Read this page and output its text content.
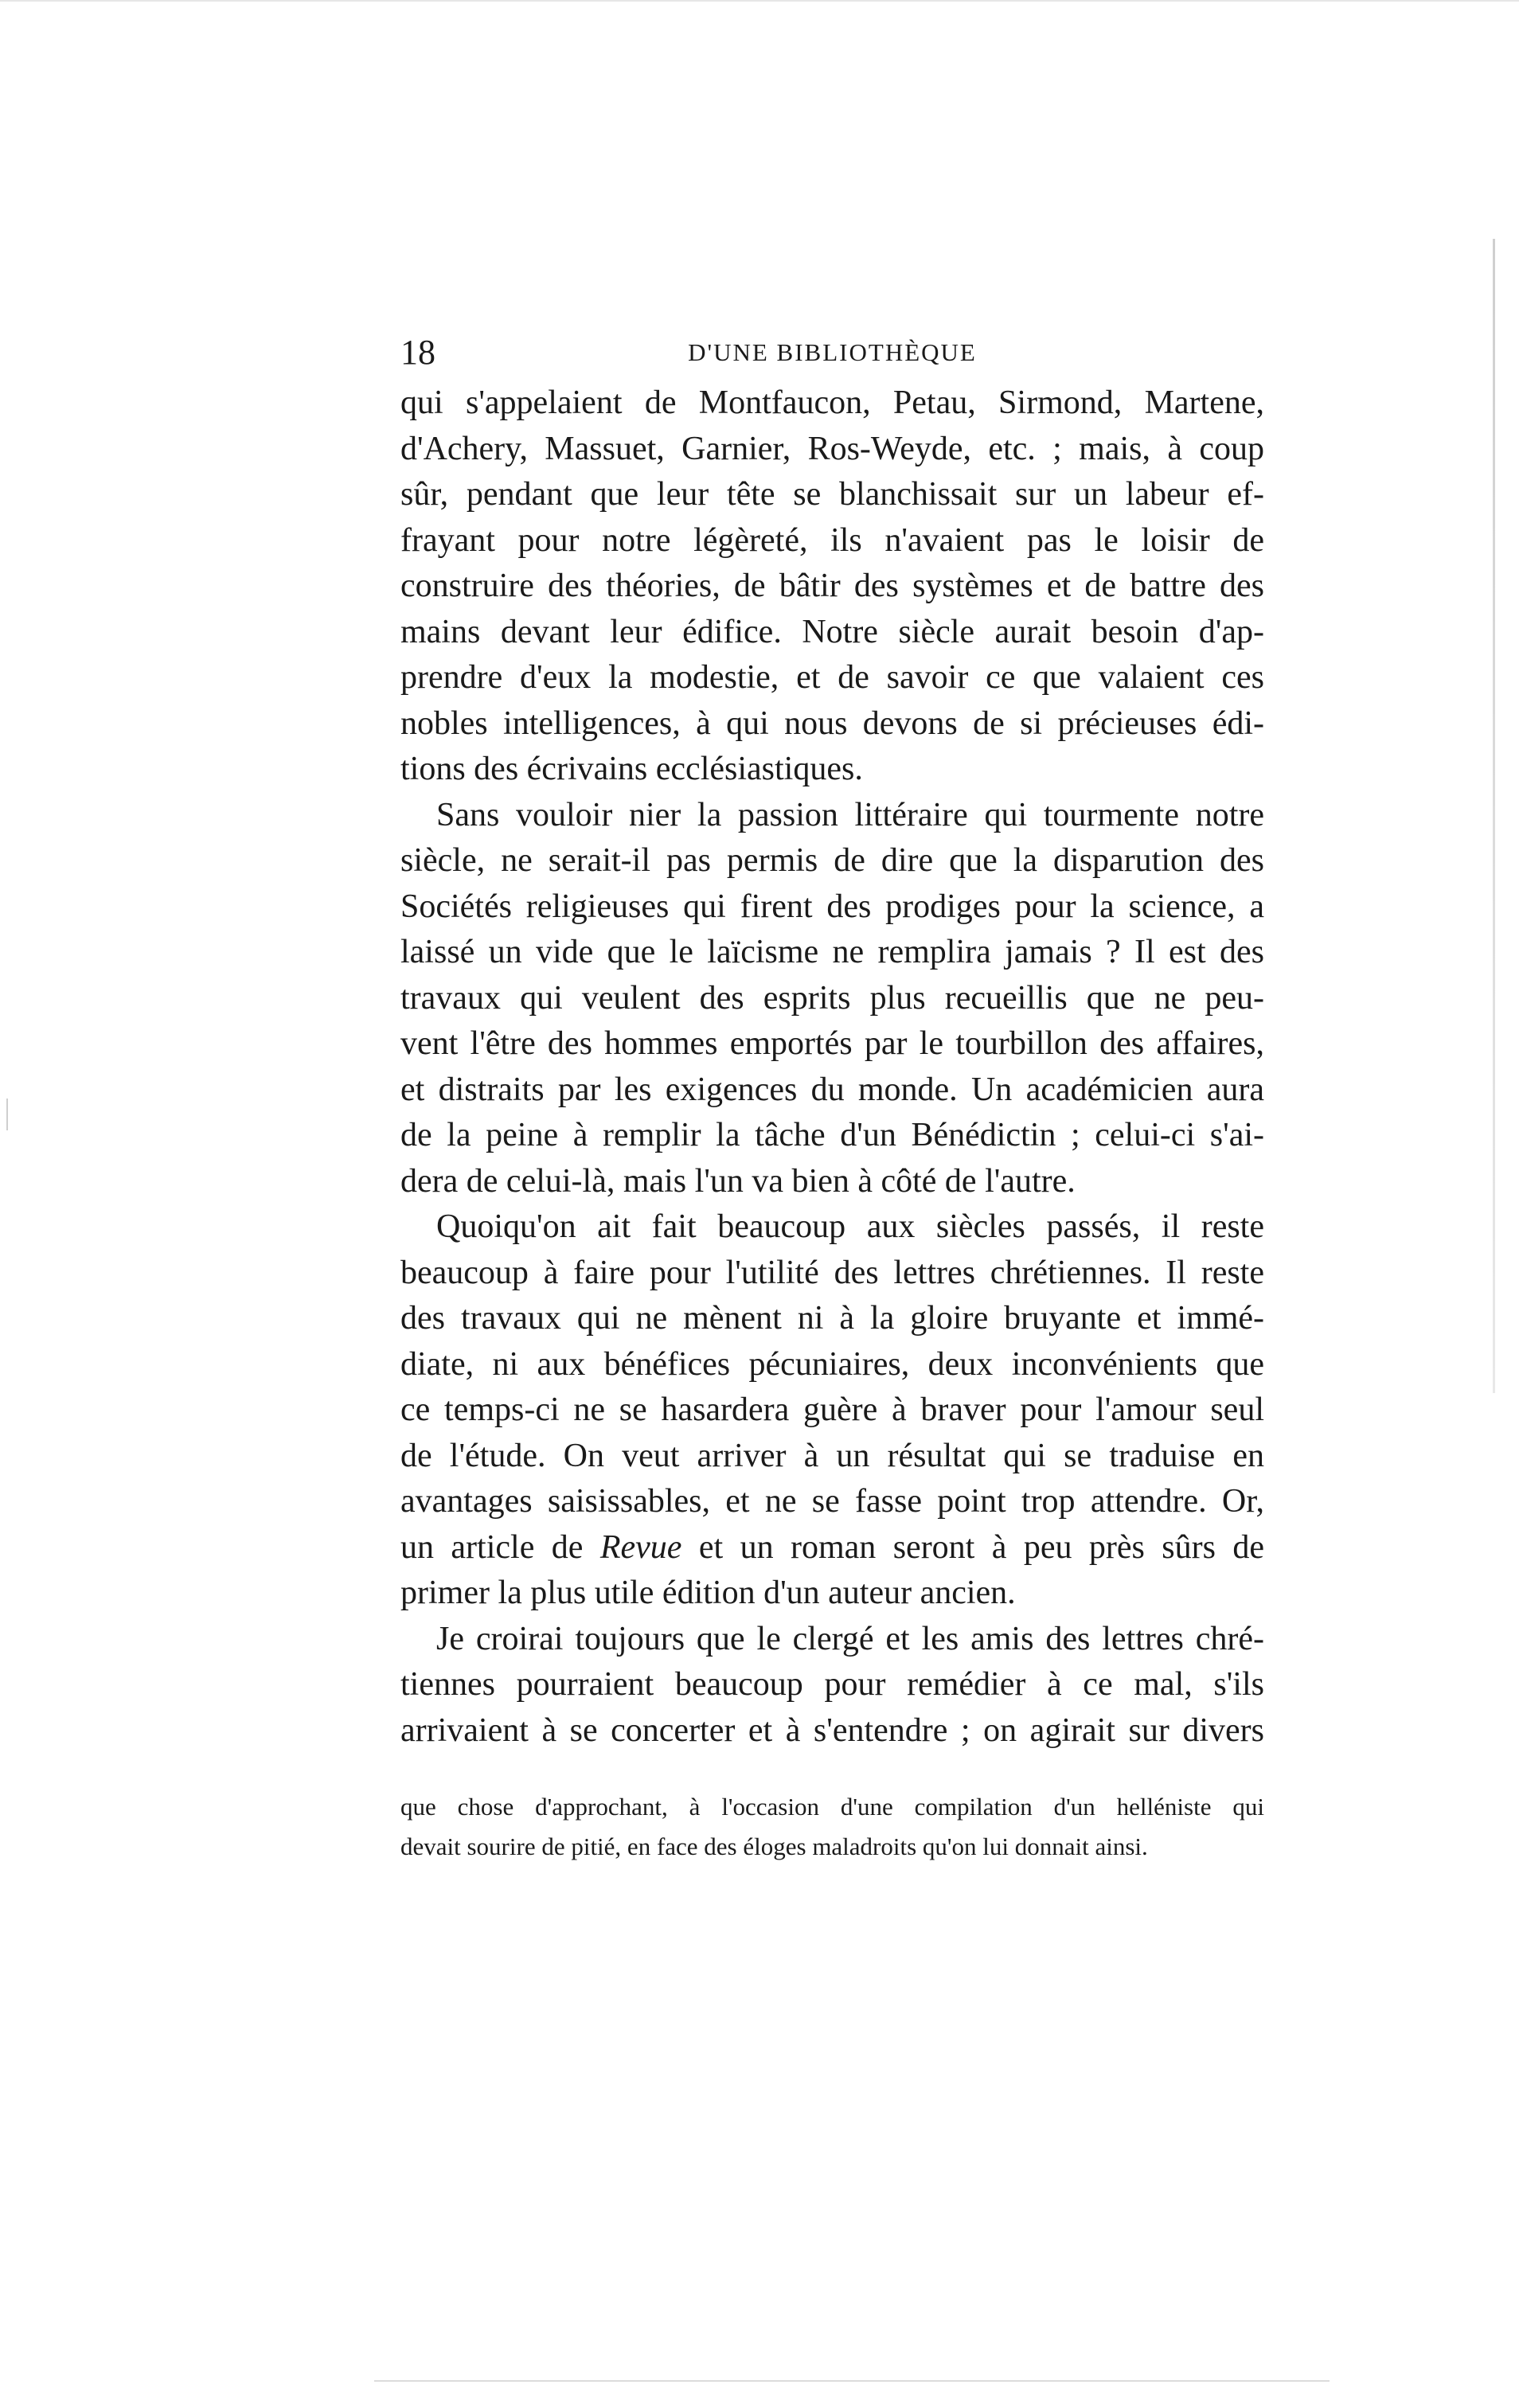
18	D'UNE BIBLIOTHÈQUE
qui s'appelaient de Montfaucon, Petau, Sirmond, Martene,
d'Achery, Massuet, Garnier, Ros-Weyde, etc. ; mais, à coup
sûr, pendant que leur tête se blanchissait sur un labeur ef-
frayant pour notre légèreté, ils n'avaient pas le loisir de
construire des théories, de bâtir des systèmes et de battre des
mains devant leur édifice. Notre siècle aurait besoin d'ap-
prendre d'eux la modestie, et de savoir ce que valaient ces
nobles intelligences, à qui nous devons de si précieuses édi-
tions des écrivains ecclésiastiques.
Sans vouloir nier la passion littéraire qui tourmente notre
siècle, ne serait-il pas permis de dire que la disparution des
Sociétés religieuses qui firent des prodiges pour la science, a
laissé un vide que le laïcisme ne remplira jamais ? Il est des
travaux qui veulent des esprits plus recueillis que ne peu-
vent l'être des hommes emportés par le tourbillon des affaires,
et distraits par les exigences du monde. Un académicien aura
de la peine à remplir la tâche d'un Bénédictin ; celui-ci s'ai-
dera de celui-là, mais l'un va bien à côté de l'autre.
Quoiqu'on ait fait beaucoup aux siècles passés, il reste
beaucoup à faire pour l'utilité des lettres chrétiennes. Il reste
des travaux qui ne mènent ni à la gloire bruyante et immé-
diate, ni aux bénéfices pécuniaires, deux inconvénients que
ce temps-ci ne se hasardera guère à braver pour l'amour seul
de l'étude. On veut arriver à un résultat qui se traduise en
avantages saisissables, et ne se fasse point trop attendre. Or,
un article de Revue et un roman seront à peu près sûrs de
primer la plus utile édition d'un auteur ancien.
Je croirai toujours que le clergé et les amis des lettres chré-
tiennes pourraient beaucoup pour remédier à ce mal, s'ils
arrivaient à se concerter et à s'entendre ; on agirait sur divers
que chose d'approchant, à l'occasion d'une compilation d'un helléniste qui
devait sourire de pitié, en face des éloges maladroits qu'on lui donnait ainsi.
